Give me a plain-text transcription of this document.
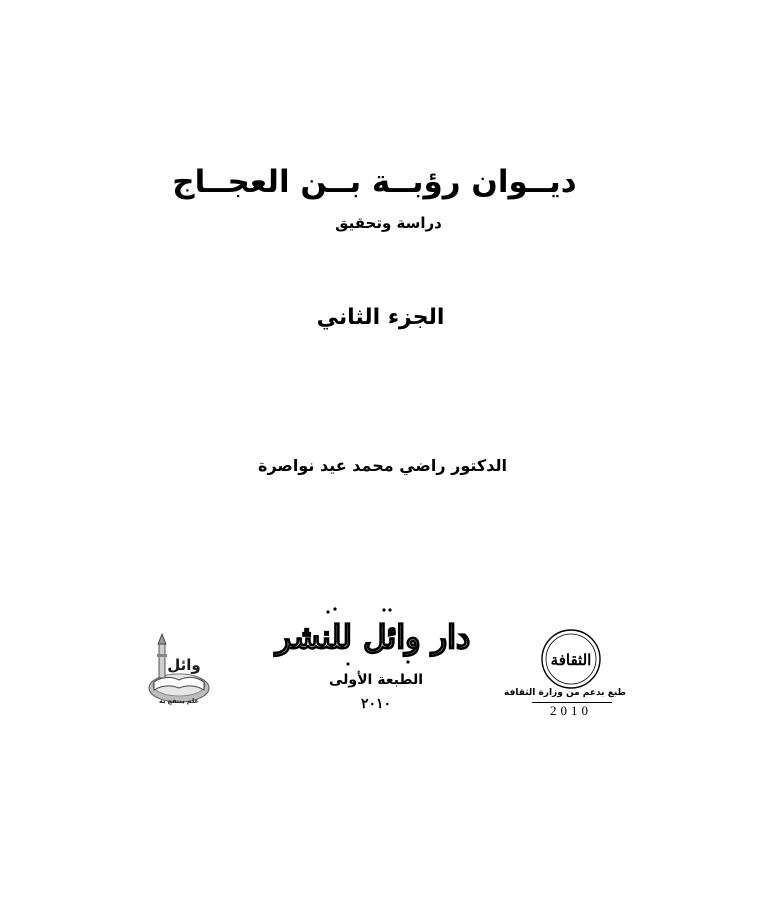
ديــوان رؤبــة بــن العجــاج
دراسة وتحقيق
الجزء الثاني
الدكتور راضي محمد عيد نواصرة
وائل
علم ينتفع به
دار وائل للنشر
الطبعة الأولى
٢٠١٠
الثقافة
طبع بدعم من وزارة الثقافة
2010
